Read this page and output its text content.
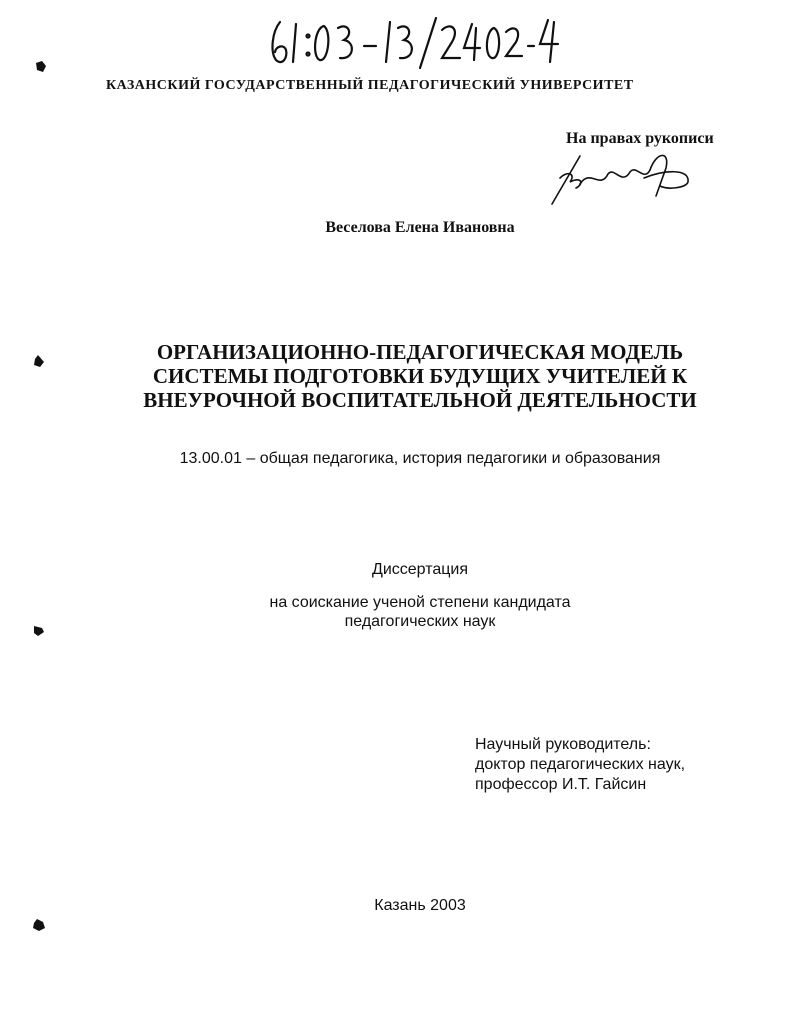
КАЗАНСКИЙ ГОСУДАРСТВЕННЫЙ ПЕДАГОГИЧЕСКИЙ УНИВЕРСИТЕТ
На правах рукописи
Веселова Елена Ивановна
ОРГАНИЗАЦИОННО-ПЕДАГОГИЧЕСКАЯ МОДЕЛЬ
СИСТЕМЫ ПОДГОТОВКИ БУДУЩИХ УЧИТЕЛЕЙ К
ВНЕУРОЧНОЙ ВОСПИТАТЕЛЬНОЙ ДЕЯТЕЛЬНОСТИ
13.00.01 – общая педагогика, история педагогики и образования
Диссертация
на соискание ученой степени кандидата
педагогических наук
Научный руководитель:
доктор педагогических наук,
профессор И.Т. Гайсин
Казань 2003
